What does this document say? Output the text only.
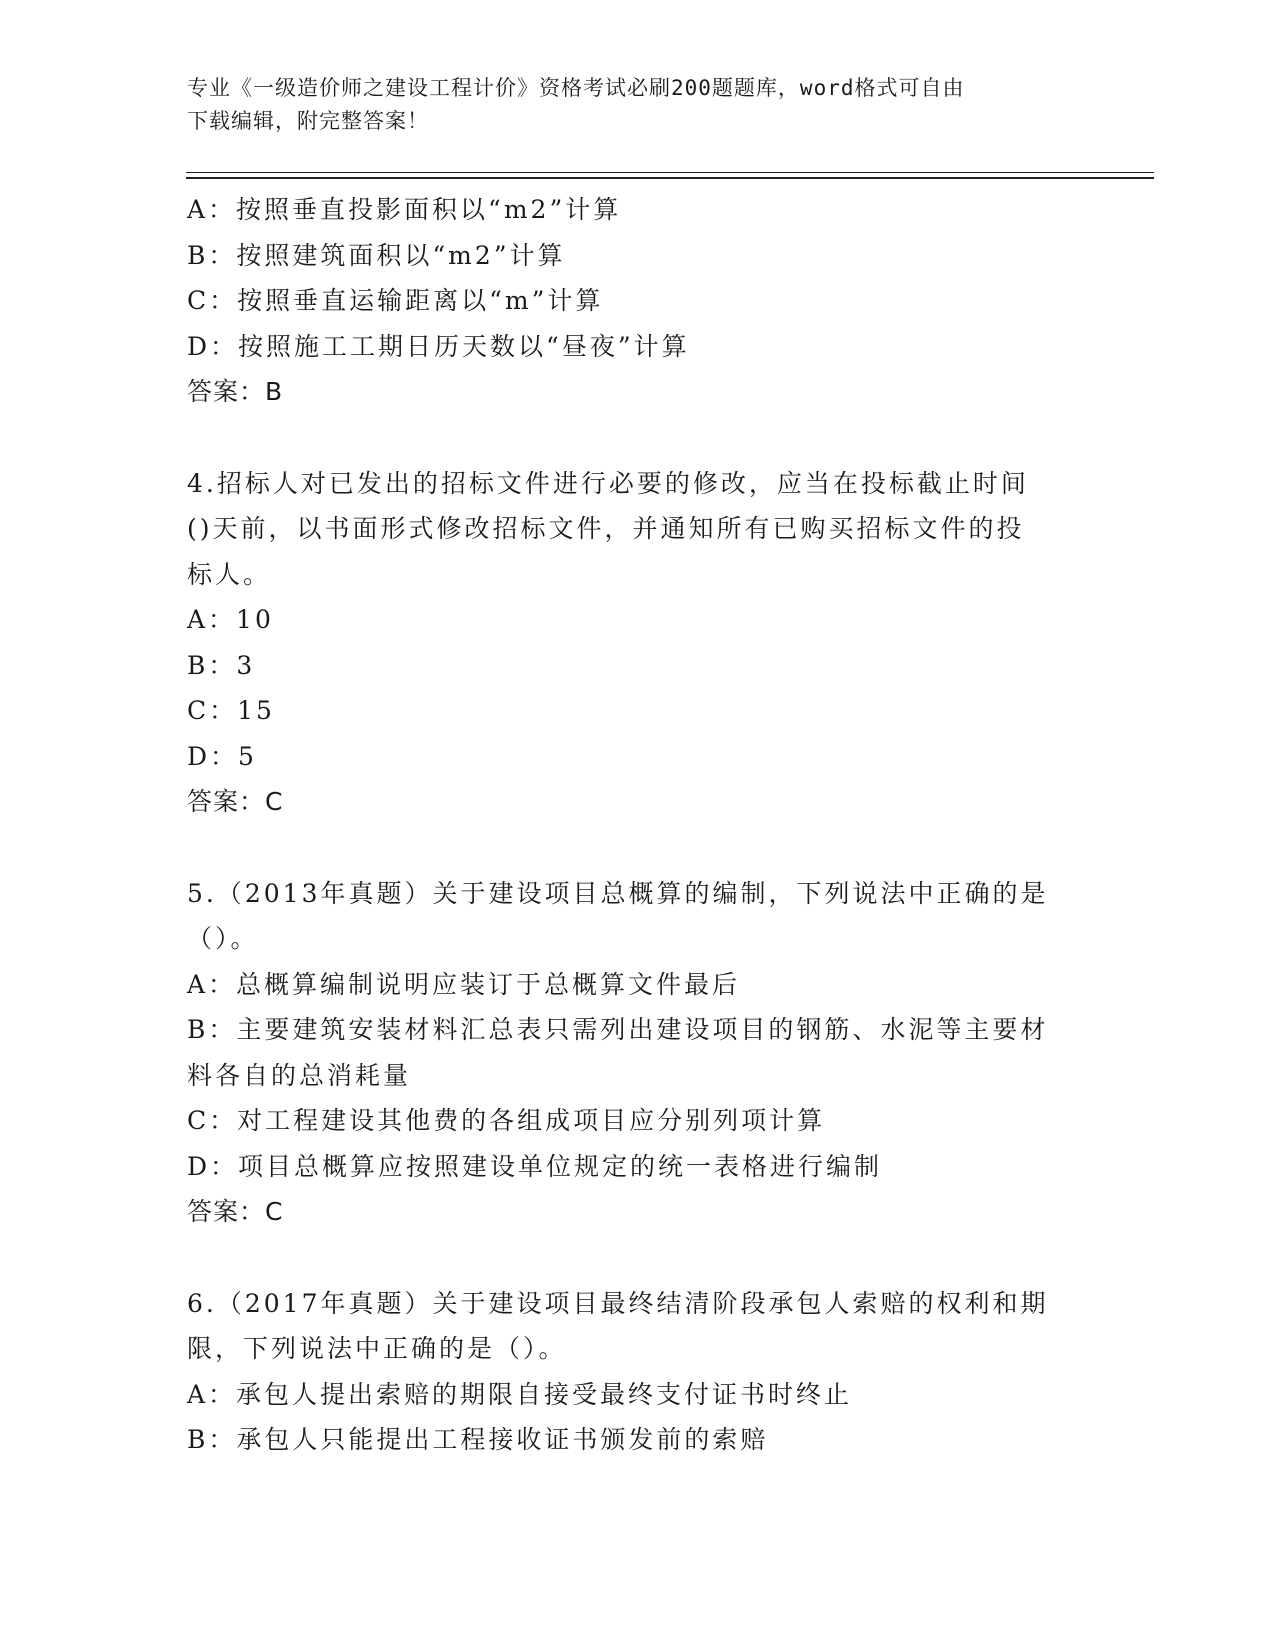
专业《一级造价师之建设工程计价》资格考试必刷200题题库，word格式可自由
下载编辑，附完整答案！
A：按照垂直投影面积以“m2”计算
B：按照建筑面积以“m2”计算
C：按照垂直运输距离以“m”计算
D：按照施工工期日历天数以“昼夜”计算
答案：B
4.招标人对已发出的招标文件进行必要的修改，应当在投标截止时间
()天前，以书面形式修改招标文件，并通知所有已购买招标文件的投
标人。
A：10
B：3
C：15
D：5
答案：C
5.（2013年真题）关于建设项目总概算的编制，下列说法中正确的是
（）。
A：总概算编制说明应装订于总概算文件最后
B：主要建筑安装材料汇总表只需列出建设项目的钢筋、水泥等主要材
料各自的总消耗量
C：对工程建设其他费的各组成项目应分别列项计算
D：项目总概算应按照建设单位规定的统一表格进行编制
答案：C
6.（2017年真题）关于建设项目最终结清阶段承包人索赔的权利和期
限，下列说法中正确的是（）。
A：承包人提出索赔的期限自接受最终支付证书时终止
B：承包人只能提出工程接收证书颁发前的索赔
